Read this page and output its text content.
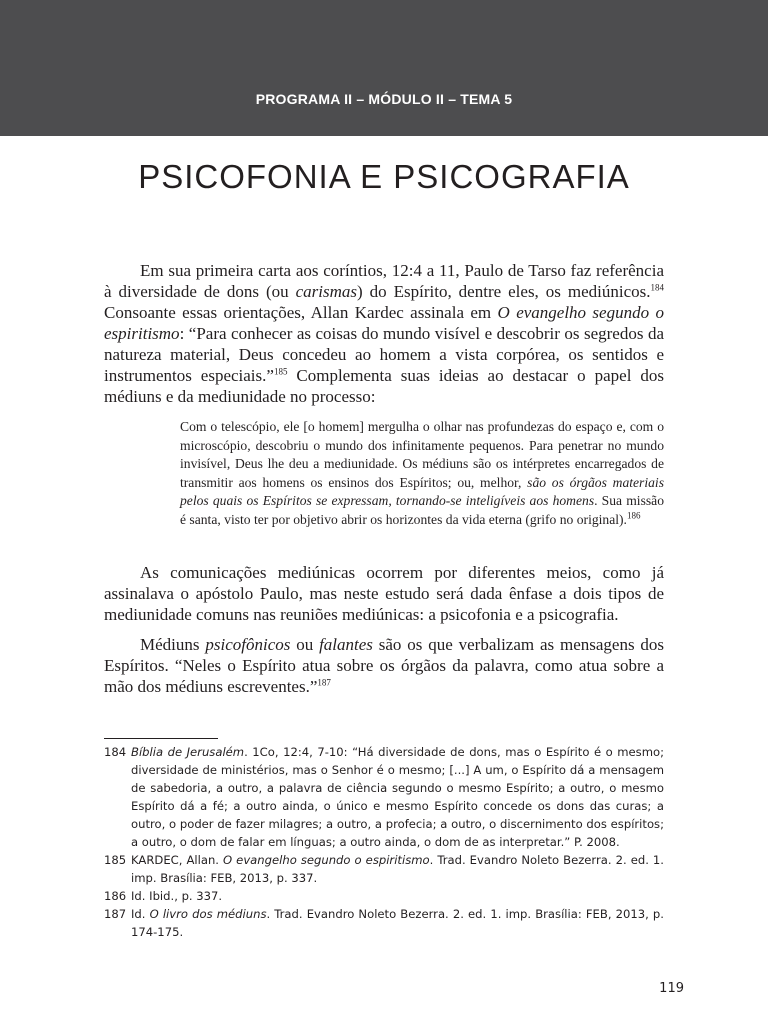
PROGRAMA II – MÓDULO II – TEMA 5
PSICOFONIA E PSICOGRAFIA

Em sua primeira carta aos coríntios, 12:4 a 11, Paulo de Tarso faz referência à diversidade de dons (ou carismas) do Espírito, dentre eles, os mediúnicos.$^{184}$ Consoante essas orientações, Allan Kardec assinala em O evangelho segundo o espiritismo: “Para conhecer as coisas do mundo visível e descobrir os segredos da natureza material, Deus concedeu ao homem a vista corpórea, os sentidos e instrumentos especiais.”$^{185}$ Complementa suas ideias ao destacar o papel dos médiuns e da mediunidade no processo:

Com o telescópio, ele [o homem] mergulha o olhar nas profundezas do espaço e, com o microscópio, descobriu o mundo dos infinitamente pequenos. Para penetrar no mundo invisível, Deus lhe deu a mediunidade. Os médiuns são os intérpretes encarregados de transmitir aos homens os ensinos dos Espíritos; ou, melhor, são os órgãos materiais pelos quais os Espíritos se expressam, tornando-se inteligíveis aos homens. Sua missão é santa, visto ter por objetivo abrir os horizontes da vida eterna (grifo no original).$^{186}$

As comunicações mediúnicas ocorrem por diferentes meios, como já assinalava o apóstolo Paulo, mas neste estudo será dada ênfase a dois tipos de mediunidade comuns nas reuniões mediúnicas: a psicofonia e a psicografia.

Médiuns psicofônicos ou falantes são os que verbalizam as mensagens dos Espíritos. “Neles o Espírito atua sobre os órgãos da palavra, como atua sobre a mão dos médiuns escreventes.”$^{187}$

184 Bíblia de Jerusalém. 1Co, 12:4, 7-10: “Há diversidade de dons, mas o Espírito é o mesmo; diversidade de ministérios, mas o Senhor é o mesmo; [...] A um, o Espírito dá a mensagem de sabedoria, a outro, a palavra de ciência segundo o mesmo Espírito; a outro, o mesmo Espírito dá a fé; a outro ainda, o único e mesmo Espírito concede os dons das curas; a outro, o poder de fazer milagres; a outro, a profecia; a outro, o discernimento dos espíritos; a outro, o dom de falar em línguas; a outro ainda, o dom de as interpretar.” P. 2008.
185 KARDEC, Allan. O evangelho segundo o espiritismo. Trad. Evandro Noleto Bezerra. 2. ed. 1. imp. Brasília: FEB, 2013, p. 337.
186 Id. Ibid., p. 337.
187 Id. O livro dos médiuns. Trad. Evandro Noleto Bezerra. 2. ed. 1. imp. Brasília: FEB, 2013, p. 174-175.
119
